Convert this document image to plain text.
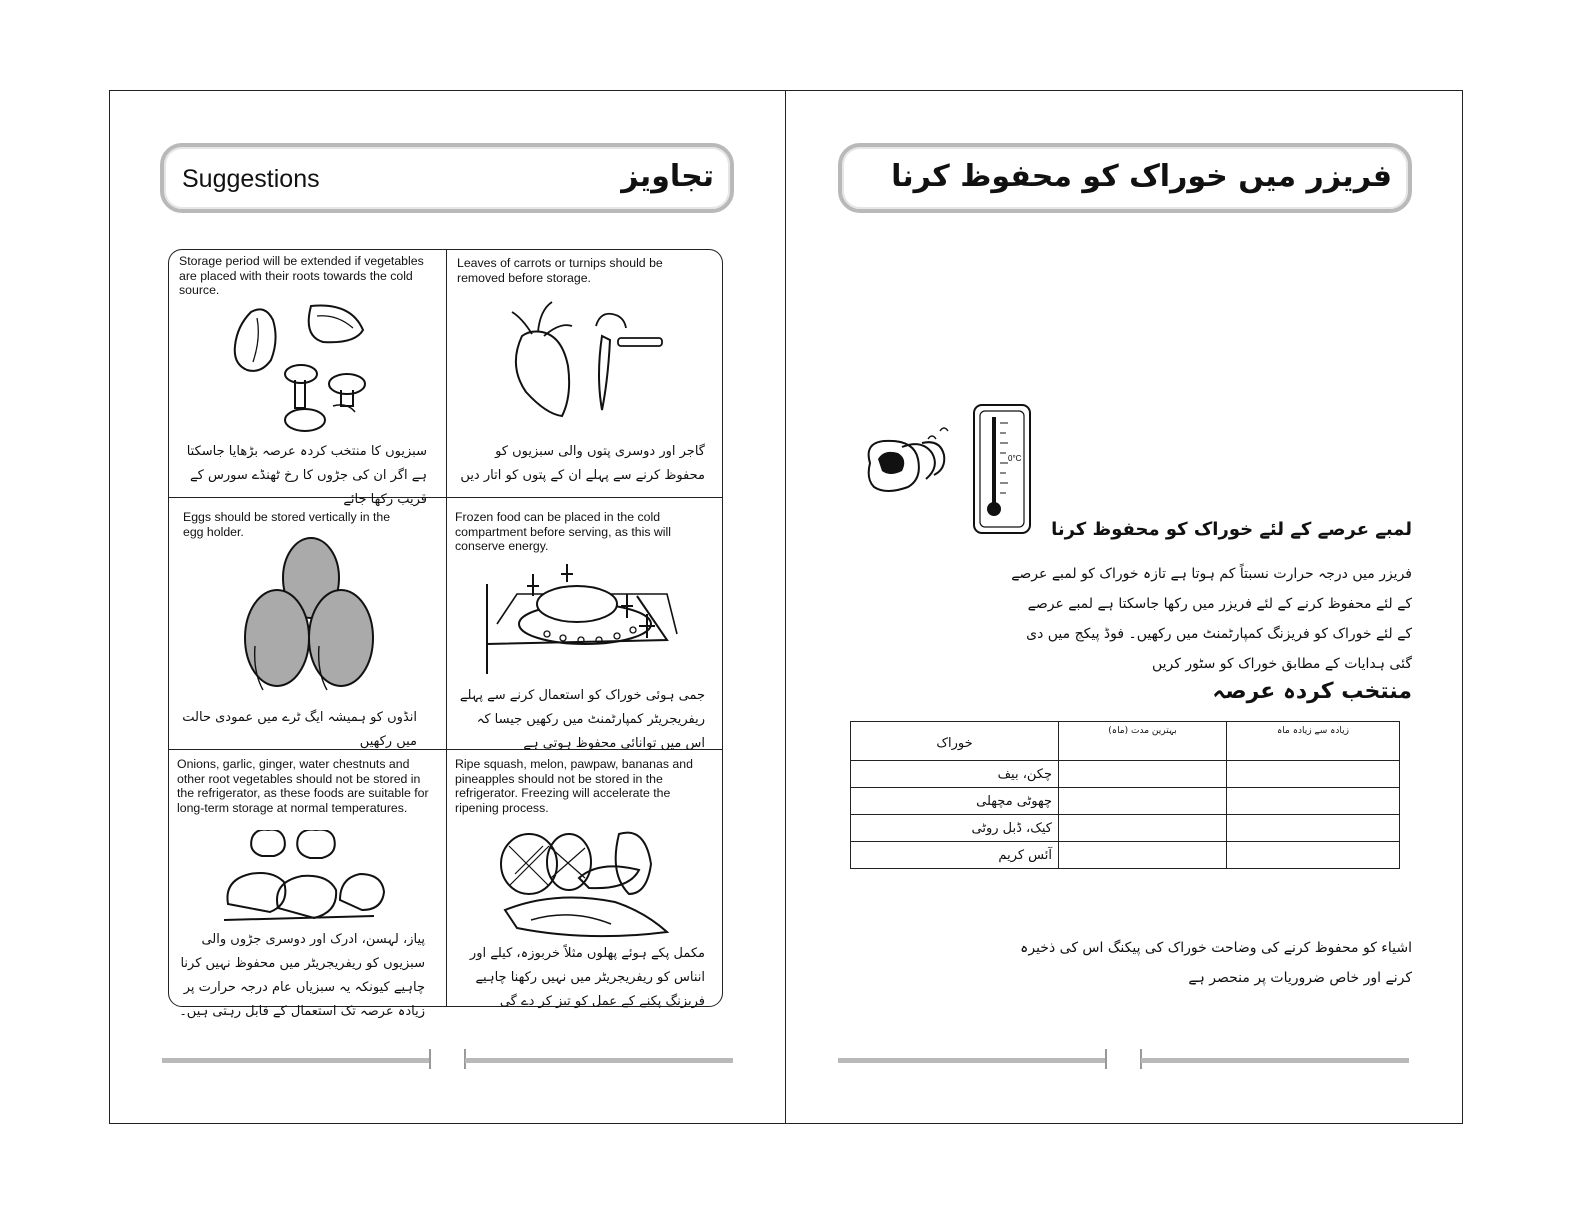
Suggestions	تجاویز
Storage period will be extended if vegetables are placed with their roots towards the cold source.
سبزیوں کا منتخب کردہ عرصہ بڑھایا جاسکتا ہے اگر ان کی جڑوں کا رخ ٹھنڈے سورس کے قریب رکھا جائے
Leaves of carrots or turnips should be removed before storage.
گاجر اور دوسری پتوں والی سبزیوں کو محفوظ کرنے سے پہلے ان کے پتوں کو اتار دیں
Eggs should be stored vertically in the egg holder.
انڈوں کو ہمیشہ ایگ ٹرے میں عمودی حالت میں رکھیں
Frozen food can be placed in the cold compartment before serving, as this will conserve energy.
جمی ہوئی خوراک کو استعمال کرنے سے پہلے ریفریجریٹر کمپارٹمنٹ میں رکھیں جیسا کہ اس میں توانائی محفوظ ہوتی ہے
Onions, garlic, ginger, water chestnuts and other root vegetables should not be stored in the refrigerator, as these foods are suitable for long-term storage at normal temperatures.
پیاز، لہسن، ادرک اور دوسری جڑوں والی سبزیوں کو ریفریجریٹر میں محفوظ نہیں کرنا چاہیے کیونکہ یہ سبزیاں عام درجہ حرارت پر زیادہ عرصہ تک استعمال کے قابل رہتی ہیں۔
Ripe squash, melon, pawpaw, bananas and pineapples should not be stored in the refrigerator. Freezing will accelerate the ripening process.
مکمل پکے ہوئے پھلوں مثلاً خربوزہ، کیلے اور انناس کو ریفریجریٹر میں نہیں رکھنا چاہیے فریزنگ پکنے کے عمل کو تیز کر دے گی
فریزر میں خوراک کو محفوظ کرنا
0°C
لمبے عرصے کے لئے خوراک کو محفوظ کرنا
فریزر میں درجہ حرارت نسبتاً کم ہوتا ہے تازہ خوراک کو لمبے عرصے کے لئے محفوظ کرنے کے لئے فریزر میں رکھا جاسکتا ہے لمبے عرصے کے لئے خوراک کو فریزنگ کمپارٹمنٹ میں رکھیں۔ فوڈ پیکج میں دی گئی ہدایات کے مطابق خوراک کو سٹور کریں
منتخب کردہ عرصہ
خوراک	بہترین مدت (ماہ)	زیادہ سے زیادہ ماہ
چکن، بیف		
چھوٹی مچھلی		
کیک، ڈبل روٹی		
آئس کریم		
اشیاء کو محفوظ کرنے کی وضاحت خوراک کی پیکنگ اس کی ذخیرہ کرنے اور خاص ضروریات پر منحصر ہے
